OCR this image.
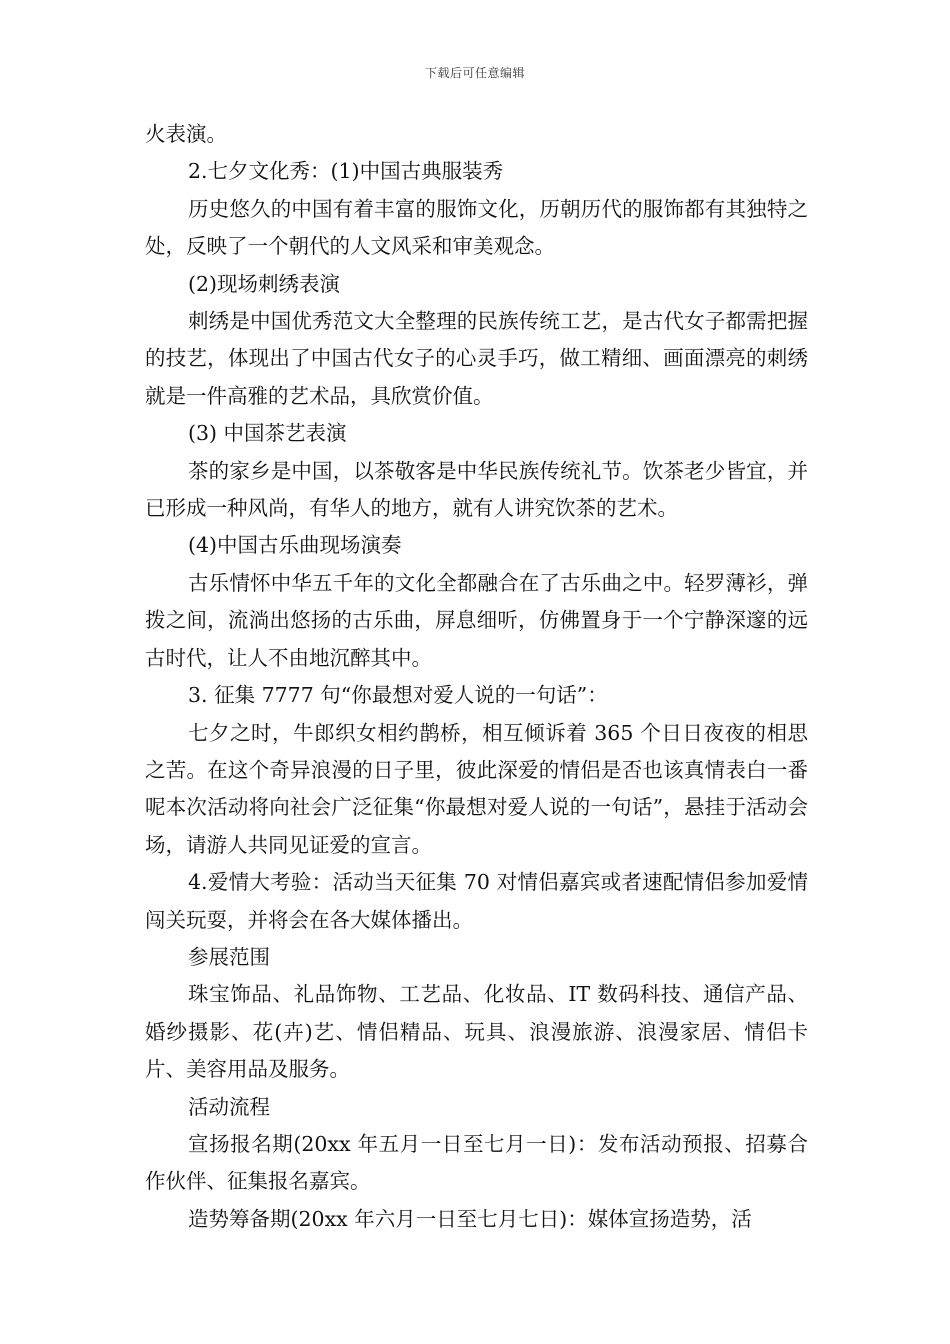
下载后可任意编辑

火表演。

2.七夕文化秀：(1)中国古典服装秀

历史悠久的中国有着丰富的服饰文化，历朝历代的服饰都有其独特之处，反映了一个朝代的人文风采和审美观念。

(2)现场刺绣表演

刺绣是中国优秀范文大全整理的民族传统工艺，是古代女子都需把握的技艺，体现出了中国古代女子的心灵手巧，做工精细、画面漂亮的刺绣就是一件高雅的艺术品，具欣赏价值。

(3) 中国茶艺表演

茶的家乡是中国，以茶敬客是中华民族传统礼节。饮茶老少皆宜，并已形成一种风尚，有华人的地方，就有人讲究饮茶的艺术。

(4)中国古乐曲现场演奏

古乐情怀中华五千年的文化全都融合在了古乐曲之中。轻罗薄衫，弹拨之间，流淌出悠扬的古乐曲，屏息细听，仿佛置身于一个宁静深邃的远古时代，让人不由地沉醉其中。

3. 征集 7777 句“你最想对爱人说的一句话”：

七夕之时，牛郎织女相约鹊桥，相互倾诉着 365 个日日夜夜的相思之苦。在这个奇异浪漫的日子里，彼此深爱的情侣是否也该真情表白一番呢本次活动将向社会广泛征集“你最想对爱人说的一句话”，悬挂于活动会场，请游人共同见证爱的宣言。

4.爱情大考验：活动当天征集 70 对情侣嘉宾或者速配情侣参加爱情闯关玩耍，并将会在各大媒体播出。

参展范围

珠宝饰品、礼品饰物、工艺品、化妆品、IT 数码科技、通信产品、婚纱摄影、花(卉)艺、情侣精品、玩具、浪漫旅游、浪漫家居、情侣卡片、美容用品及服务。

活动流程

宣扬报名期(20xx 年五月一日至七月一日)：发布活动预报、招募合作伙伴、征集报名嘉宾。

造势筹备期(20xx 年六月一日至七月七日)：媒体宣扬造势，活
